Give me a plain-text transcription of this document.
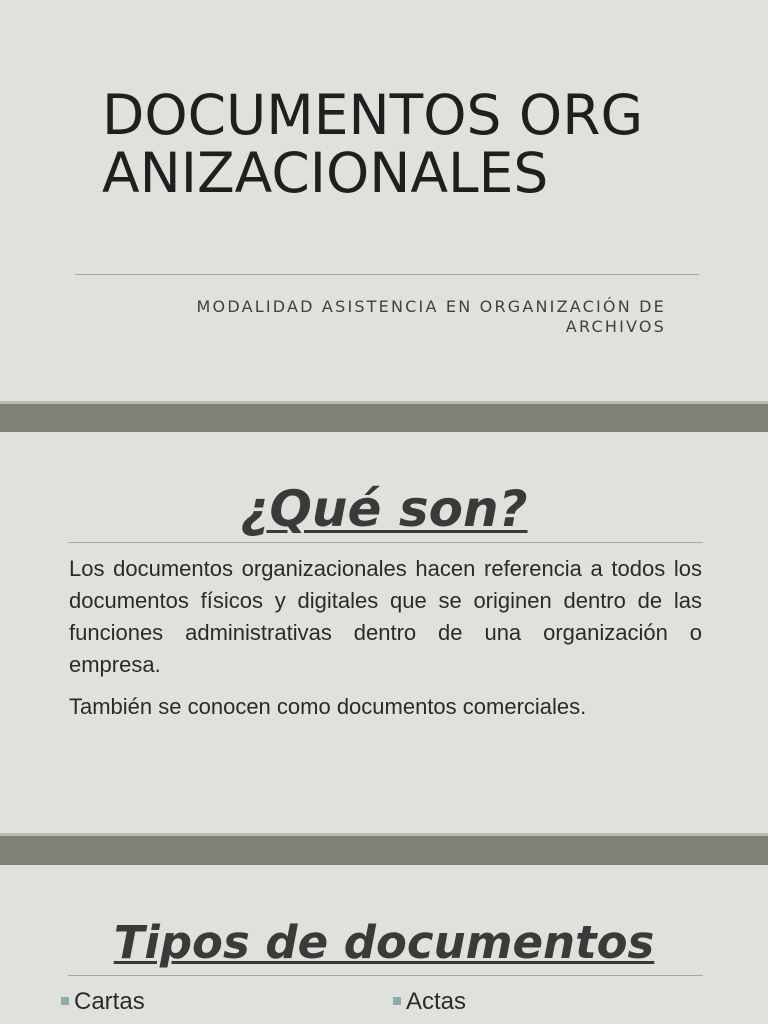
DOCUMENTOS ORGANIZACIONALES
MODALIDAD ASISTENCIA EN ORGANIZACIÓN DE ARCHIVOS
¿Qué son?

Los documentos organizacionales hacen referencia a todos los documentos físicos y digitales que se originen dentro de las funciones administrativas dentro de una organización o empresa.

También se conocen como documentos comerciales.

Tipos de documentos
Cartas	Actas
